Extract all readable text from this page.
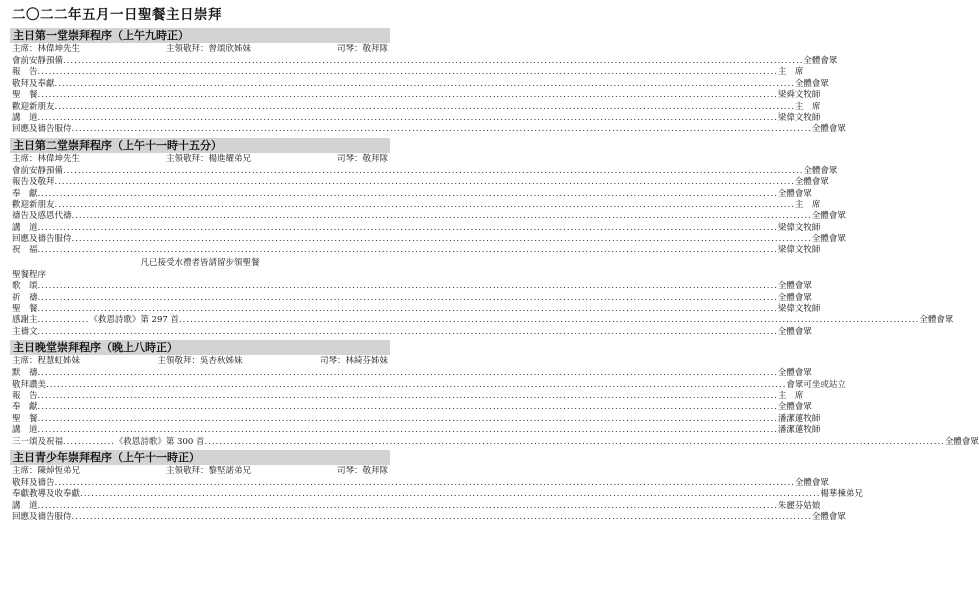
二〇二二年五月一日聖餐主日崇拜
主日第一堂崇拜程序（上午九時正）
主席：林偉坤先生	主領敬拜：曾頌欣姊妹	司琴：敬拜隊
會前安靜預備 ........................................................................................................................................................................................................ 全體會眾
報　告 ........................................................................................................................................................................................................ 主　席
敬拜及奉獻 ........................................................................................................................................................................................................ 全體會眾
聖　餐 ........................................................................................................................................................................................................ 梁舜文牧師
歡迎新朋友 ........................................................................................................................................................................................................ 主　席
講　道 ........................................................................................................................................................................................................ 梁偉文牧師
回應及禱告服侍 ........................................................................................................................................................................................................ 全體會眾
主日第二堂崇拜程序（上午十一時十五分）
主席：林偉坤先生	主領敬拜：楊進耀弟兄	司琴：敬拜隊
會前安靜預備 ........................................................................................................................................................................................................ 全體會眾
報告及敬拜 ........................................................................................................................................................................................................ 全體會眾
奉　獻 ........................................................................................................................................................................................................ 全體會眾
歡迎新朋友 ........................................................................................................................................................................................................ 主　席
禱告及感恩代禱 ........................................................................................................................................................................................................ 全體會眾
講　道 ........................................................................................................................................................................................................ 梁偉文牧師
回應及禱告服侍 ........................................................................................................................................................................................................ 全體會眾
祝　福 ........................................................................................................................................................................................................ 梁偉文牧師
凡已接受水禮者皆請留步領聖餐
聖餐程序
歌　頌 ........................................................................................................................................................................................................ 全體會眾
祈　禱 ........................................................................................................................................................................................................ 全體會眾
聖　餐 ........................................................................................................................................................................................................ 梁偉文牧師
感謝主 .............. 《救恩詩歌》第 297 首 ........................................................................................................................................................................................................ 全體會眾
主禱文 ........................................................................................................................................................................................................ 全體會眾
主日晚堂崇拜程序（晚上八時正）
主席：程慧虹姊妹	主領敬拜：吳杏秋姊妹	司琴：林綺芬姊妹
默　禱 ........................................................................................................................................................................................................ 全體會眾
敬拜讚美 ........................................................................................................................................................................................................ 會眾可坐或站立
報　告 ........................................................................................................................................................................................................ 主　席
奉　獻 ........................................................................................................................................................................................................ 全體會眾
聖　餐 ........................................................................................................................................................................................................ 潘潔蓮牧師
講　道 ........................................................................................................................................................................................................ 潘潔蓮牧師
三一頌及祝福 .............. 《救恩詩歌》第 300 首 ........................................................................................................................................................................................................ 全體會眾
主日青少年崇拜程序（上午十一時正）
主席：陳焯恆弟兄	主領敬拜：黎堅諾弟兄	司琴：敬拜隊
敬拜及禱告 ........................................................................................................................................................................................................ 全體會眾
奉獻教導及收奉獻 ........................................................................................................................................................................................................ 楊華棟弟兄
講　道 ........................................................................................................................................................................................................ 朱麗芬姑娘
回應及禱告服侍 ........................................................................................................................................................................................................ 全體會眾
